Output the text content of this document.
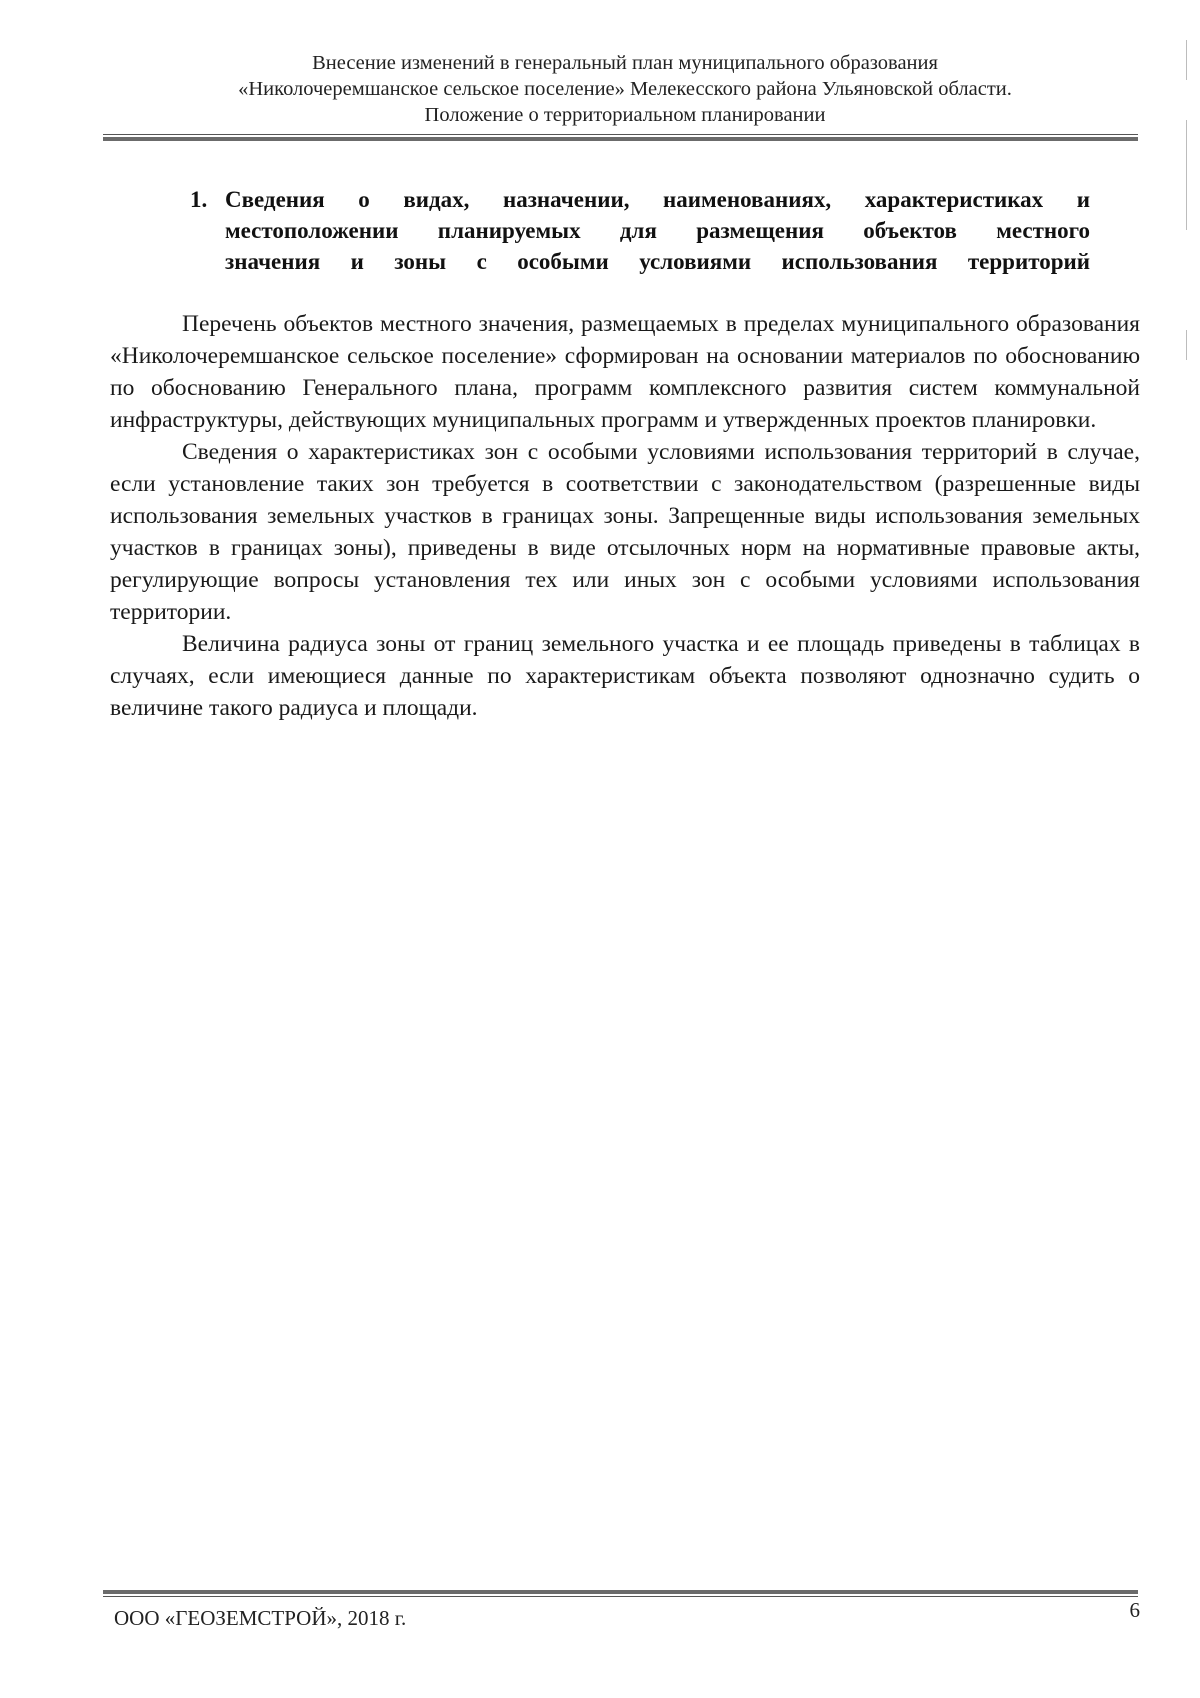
Внесение изменений в генеральный план муниципального образования
«Николочеремшанское сельское поселение» Мелекесского района Ульяновской области.
Положение о территориальном планировании
1. Сведения о видах, назначении, наименованиях, характеристиках и
местоположении планируемых для размещения объектов местного
значения и зоны с особыми условиями использования территорий

Перечень объектов местного значения, размещаемых в пределах муниципального образования «Николочеремшанское сельское поселение» сформирован на основании материалов по обоснованию по обоснованию Генерального плана, программ комплексного развития систем коммунальной инфраструктуры, действующих муниципальных программ и утвержденных проектов планировки.

Сведения о характеристиках зон с особыми условиями использования территорий в случае, если установление таких зон требуется в соответствии с законодательством (разрешенные виды использования земельных участков в границах зоны. Запрещенные виды использования земельных участков в границах зоны), приведены в виде отсылочных норм на нормативные правовые акты, регулирующие вопросы установления тех или иных зон с особыми условиями использования территории.

Величина радиуса зоны от границ земельного участка и ее площадь приведены в таблицах в случаях, если имеющиеся данные по характеристикам объекта позволяют однозначно судить о величине такого радиуса и площади.

ООО «ГЕОЗЕМСТРОЙ», 2018 г.	6
